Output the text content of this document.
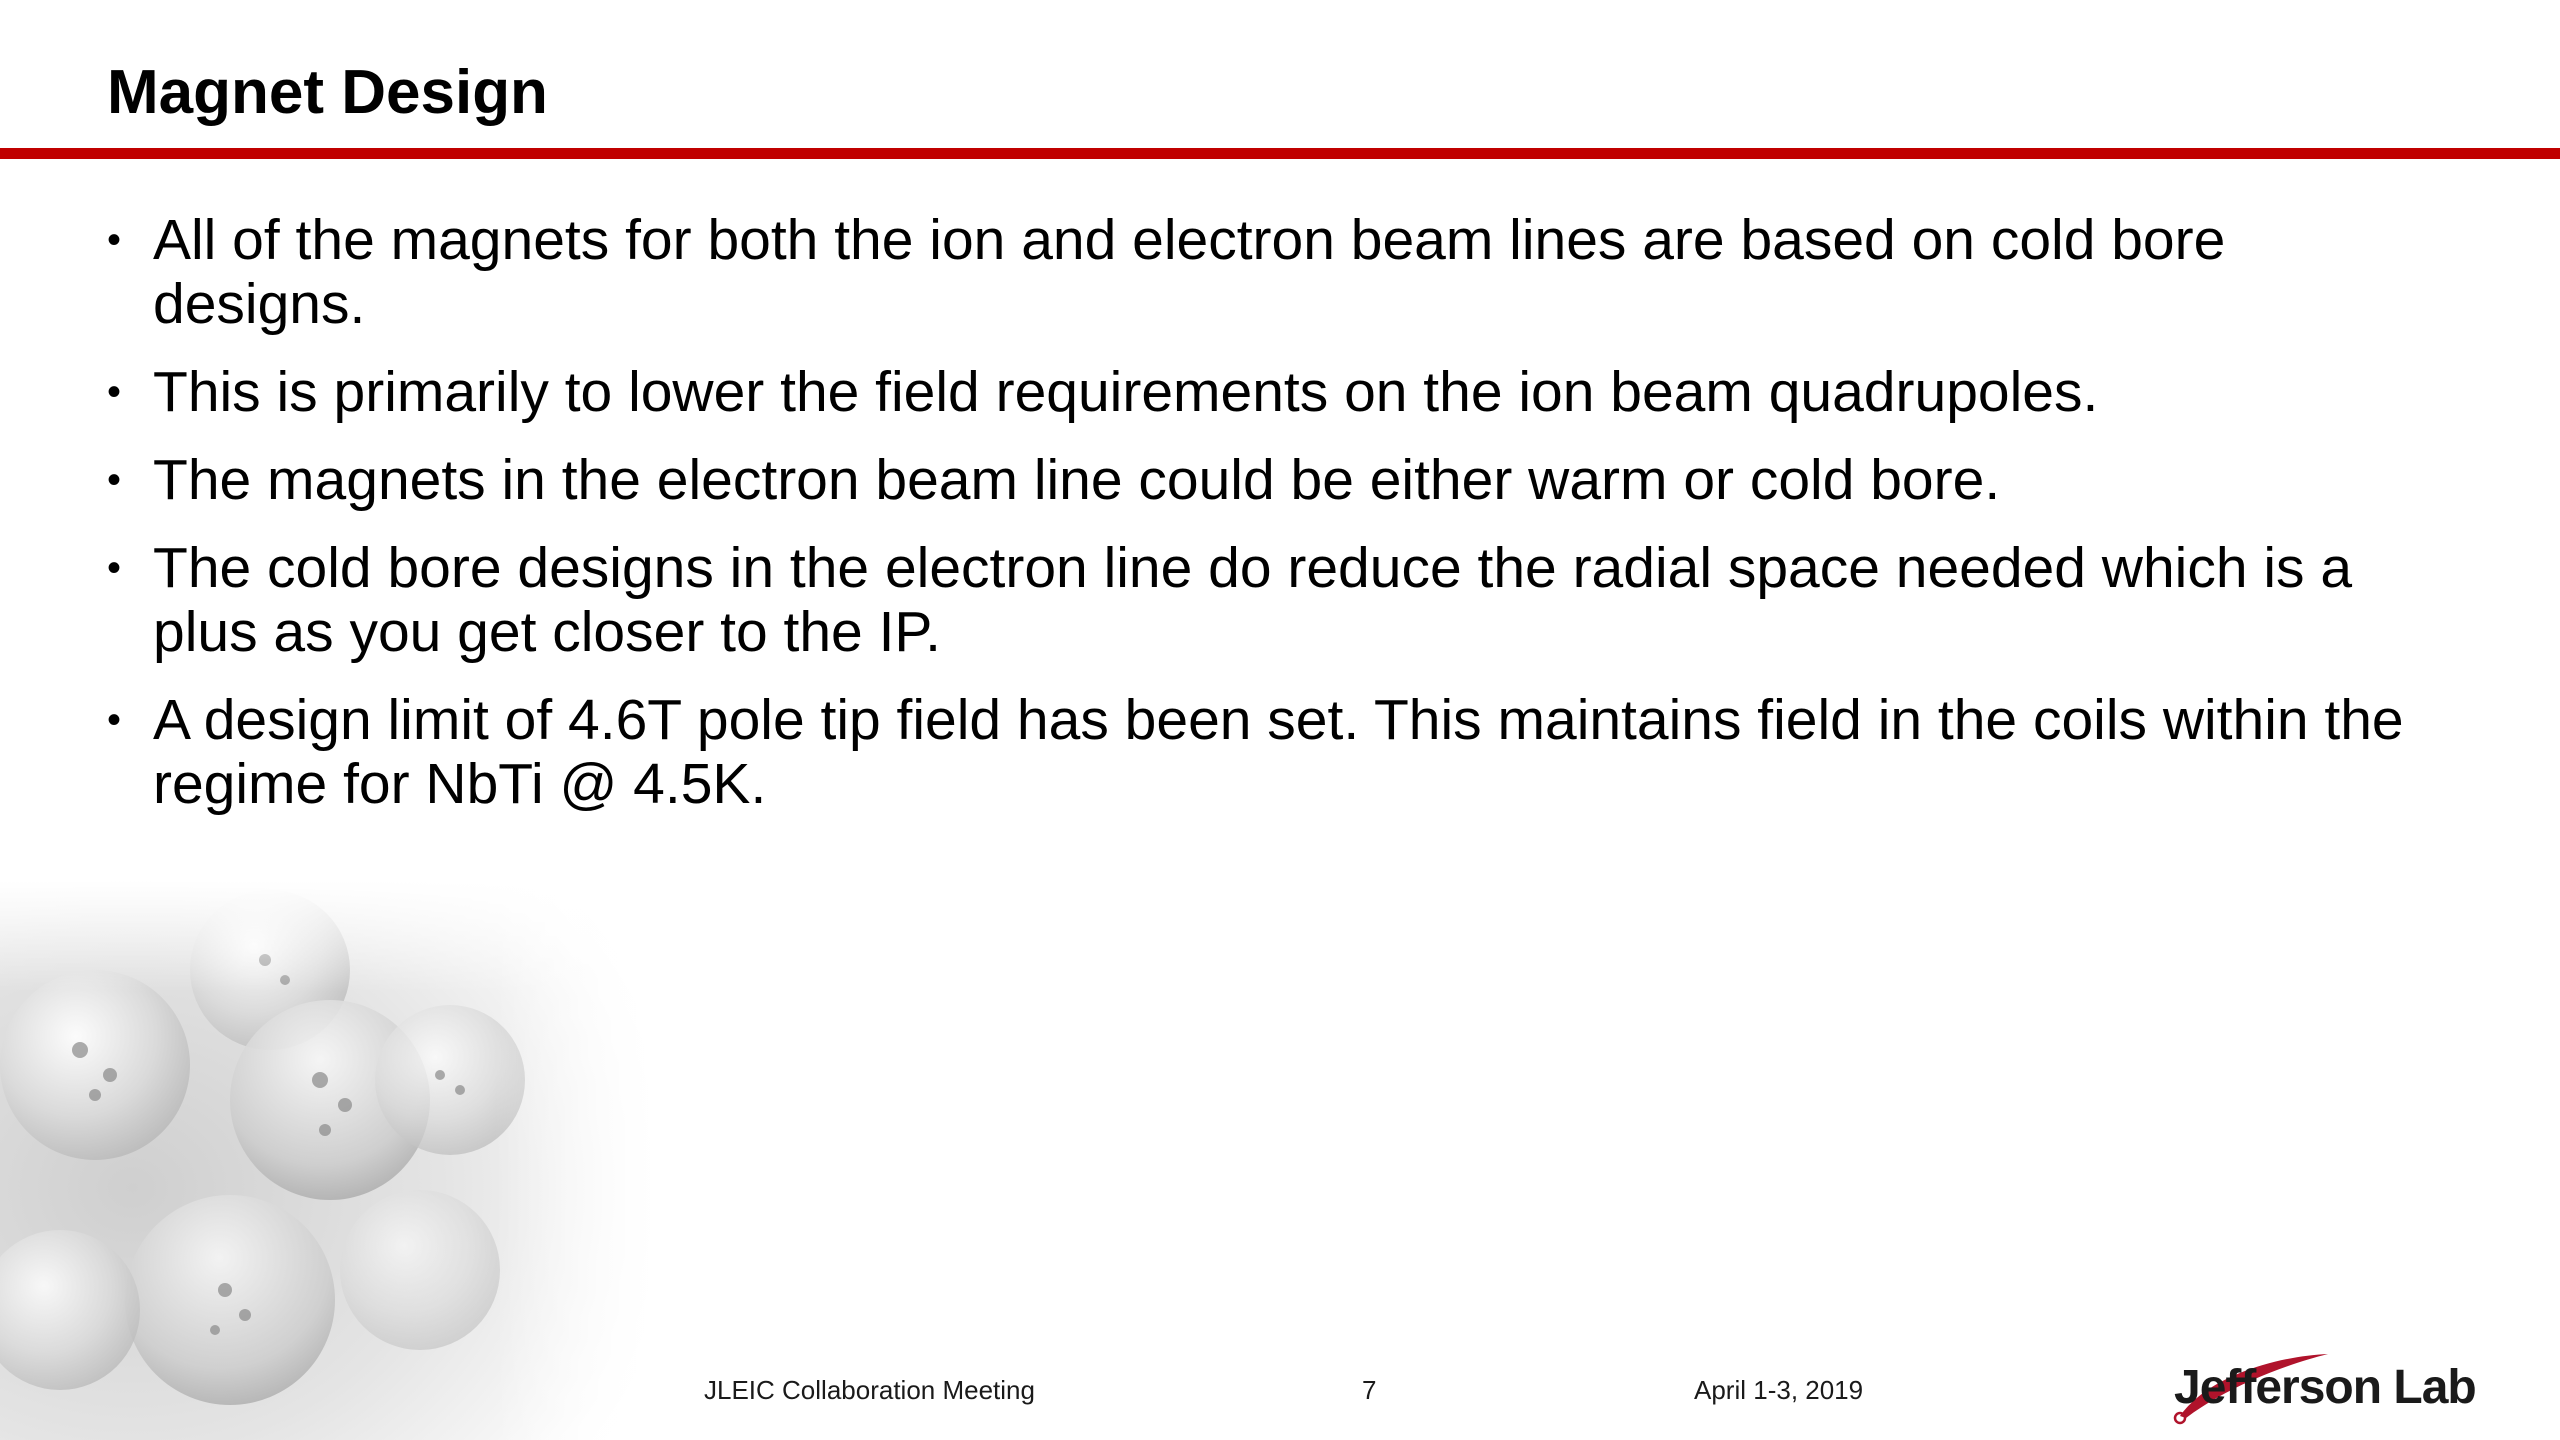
Magnet Design
• All of the magnets for both the ion and electron beam lines are based on cold bore designs.
• This is primarily to lower the field requirements on the ion beam quadrupoles.
• The magnets in the electron beam line could be either warm or cold bore.
• The cold bore designs in the electron line do reduce the radial space needed which is a plus as you get closer to the IP.
• A design limit of 4.6T pole tip field has been set. This maintains field in the coils within the regime for NbTi @ 4.5K.
JLEIC Collaboration Meeting	7	April 1-3, 2019	Jefferson Lab
